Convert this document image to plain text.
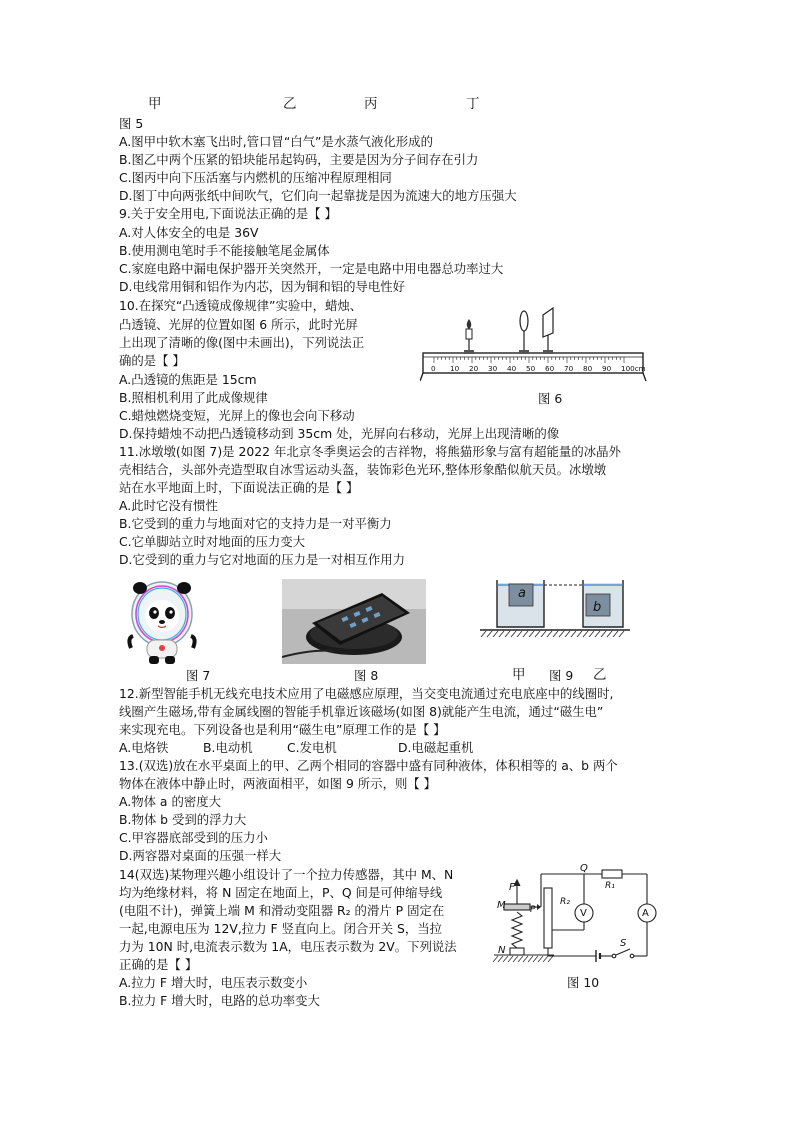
甲	乙	丙	丁
图 5
A.图甲中软木塞飞出时,管口冒“白气”是水蒸气液化形成的
B.图乙中两个压紧的铅块能吊起钩码，主要是因为分子间存在引力
C.图丙中向下压活塞与内燃机的压缩冲程原理相同
D.图丁中向两张纸中间吹气，它们向一起靠拢是因为流速大的地方压强大
9.关于安全用电,下面说法正确的是【 】
A.对人体安全的电是 36V
B.使用测电笔时手不能接触笔尾金属体
C.家庭电路中漏电保护器开关突然开，一定是电路中用电器总功率过大
D.电线常用铜和铝作为内芯，因为铜和铝的导电性好
10.在探究“凸透镜成像规律”实验中，蜡烛、
凸透镜、光屏的位置如图 6 所示，此时光屏
上出现了清晰的像(图中未画出)，下列说法正
确的是【 】
A.凸透镜的焦距是 15cm
B.照相机利用了此成像规律
C.蜡烛燃烧变短，光屏上的像也会向下移动
D.保持蜡烛不动把凸透镜移动到 35cm 处，光屏向右移动，光屏上出现清晰的像
0 10 20 30 40 50 60 70 80 90 100cm
图 6
11.冰墩墩(如图 7)是 2022 年北京冬季奥运会的吉祥物，将熊猫形象与富有超能量的冰晶外
壳相结合，头部外壳造型取自冰雪运动头盔，装饰彩色光环,整体形象酷似航天员。冰墩墩
站在水平地面上时，下面说法正确的是【 】
A.此时它没有惯性
B.它受到的重力与地面对它的支持力是一对平衡力
C.它单脚站立时对地面的压力变大
D.它受到的重力与它对地面的压力是一对相互作用力
a
b
图 7	图 8	甲 图 9 乙
12.新型智能手机无线充电技术应用了电磁感应原理，当交变电流通过充电底座中的线圈时,
线圈产生磁场,带有金属线圈的智能手机靠近该磁场(如图 8)就能产生电流，通过“磁生电”
来实现充电。下列设备也是利用“磁生电”原理工作的是【 】
A.电烙铁	B.电动机	C.发电机	D.电磁起重机
13.(双选)放在水平桌面上的甲、乙两个相同的容器中盛有同种液体，体积相等的 a、b 两个
物体在液体中静止时，两液面相平，如图 9 所示，则【 】
A.物体 a 的密度大
B.物体 b 受到的浮力大
C.甲容器底部受到的压力小
D.两容器对桌面的压强一样大
14(双选)某物理兴趣小组设计了一个拉力传感器，其中 M、N
均为绝缘材料，将 N 固定在地面上，P、Q 间是可伸缩导线
(电阻不计)，弹簧上端 M 和滑动变阻器 R₂ 的滑片 P 固定在
一起,电源电压为 12V,拉力 F 竖直向上。闭合开关 S，当拉
力为 10N 时,电流表示数为 1A，电压表示数为 2V。下列说法
正确的是【 】
A.拉力 F 增大时，电压表示数变小
B.拉力 F 增大时，电路的总功率变大
Q
F
M	P
N
R₁
R₂
V	A
S
图 10
